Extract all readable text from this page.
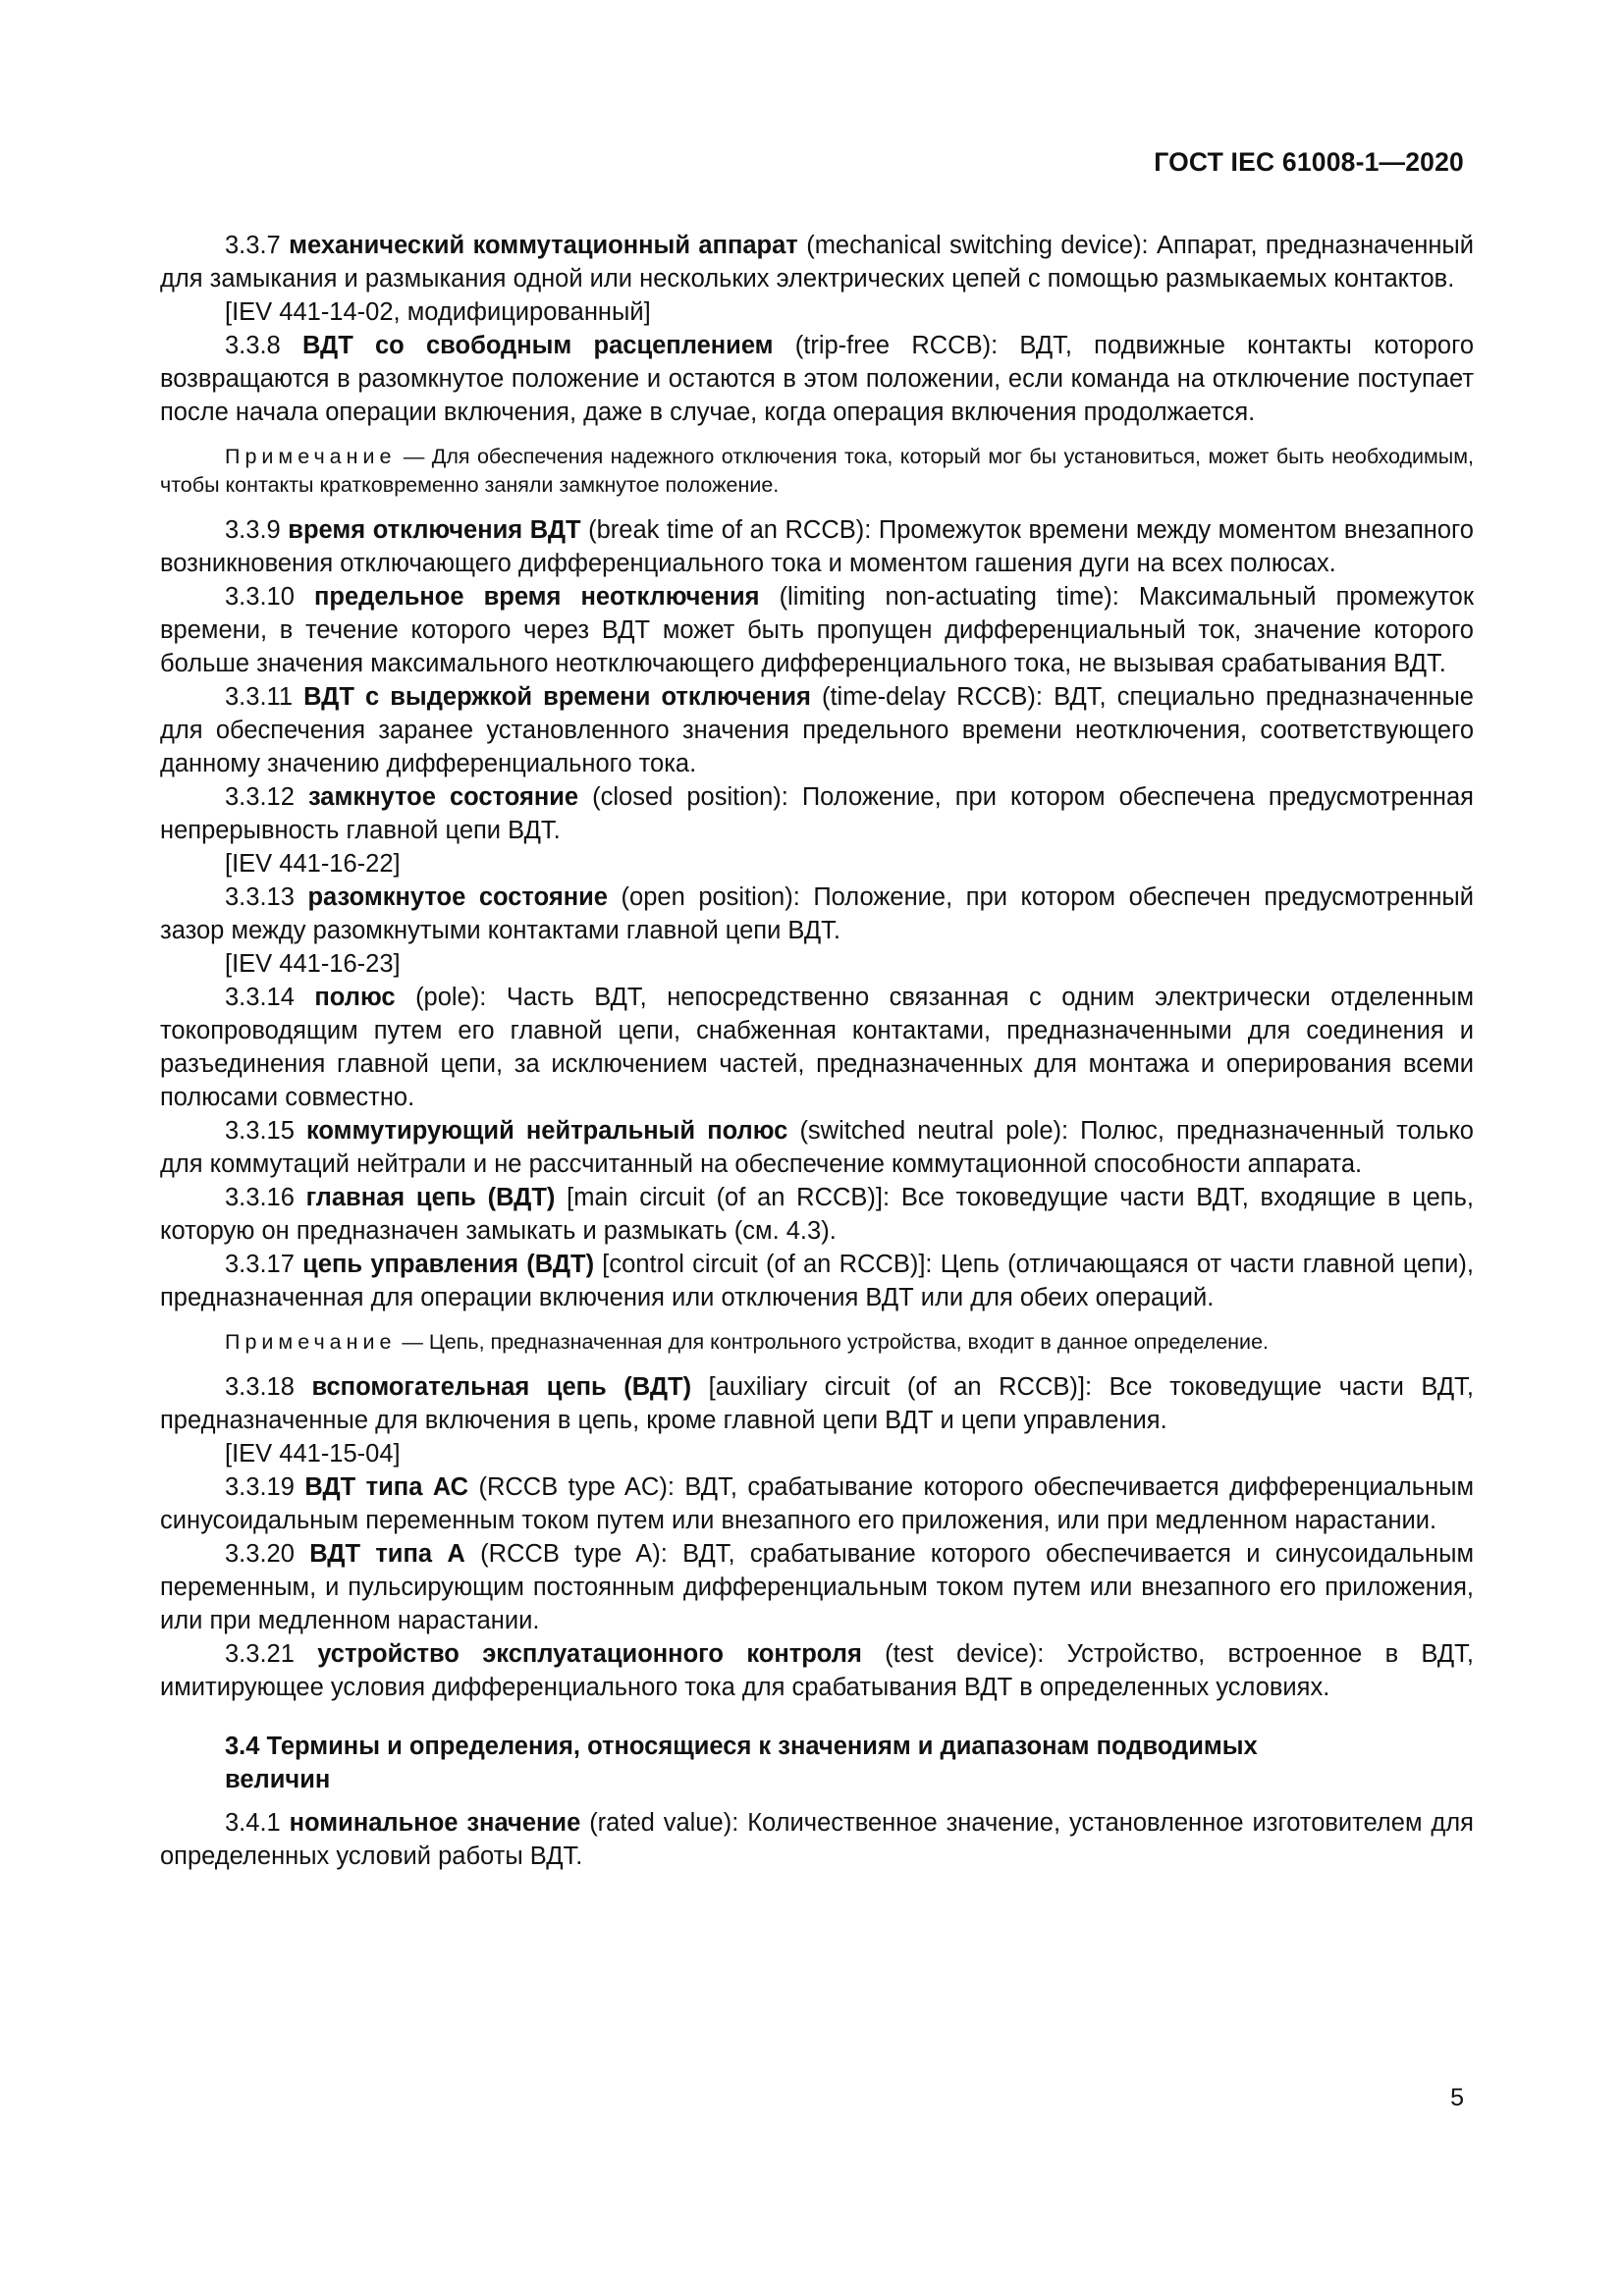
ГОСТ IEC 61008-1—2020

3.3.7 механический коммутационный аппарат (mechanical switching device): Аппарат, предназначенный для замыкания и размыкания одной или нескольких электрических цепей с помощью размыкаемых контактов.

[IEV 441-14-02, модифицированный]

3.3.8 ВДТ со свободным расцеплением (trip-free RCCB): ВДТ, подвижные контакты которого возвращаются в разомкнутое положение и остаются в этом положении, если команда на отключение поступает после начала операции включения, даже в случае, когда операция включения продолжается.

Примечание — Для обеспечения надежного отключения тока, который мог бы установиться, может быть необходимым, чтобы контакты кратковременно заняли замкнутое положение.

3.3.9 время отключения ВДТ (break time of an RCCB): Промежуток времени между моментом внезапного возникновения отключающего дифференциального тока и моментом гашения дуги на всех полюсах.

3.3.10 предельное время неотключения (limiting non-actuating time): Максимальный промежуток времени, в течение которого через ВДТ может быть пропущен дифференциальный ток, значение которого больше значения максимального неотключающего дифференциального тока, не вызывая срабатывания ВДТ.

3.3.11 ВДТ с выдержкой времени отключения (time-delay RCCB): ВДТ, специально предназначенные для обеспечения заранее установленного значения предельного времени неотключения, соответствующего данному значению дифференциального тока.

3.3.12 замкнутое состояние (closed position): Положение, при котором обеспечена предусмотренная непрерывность главной цепи ВДТ.

[IEV 441-16-22]

3.3.13 разомкнутое состояние (open position): Положение, при котором обеспечен предусмотренный зазор между разомкнутыми контактами главной цепи ВДТ.

[IEV 441-16-23]

3.3.14 полюс (pole): Часть ВДТ, непосредственно связанная с одним электрически отделенным токопроводящим путем его главной цепи, снабженная контактами, предназначенными для соединения и разъединения главной цепи, за исключением частей, предназначенных для монтажа и оперирования всеми полюсами совместно.

3.3.15 коммутирующий нейтральный полюс (switched neutral pole): Полюс, предназначенный только для коммутаций нейтрали и не рассчитанный на обеспечение коммутационной способности аппарата.

3.3.16 главная цепь (ВДТ) [main circuit (of an RCCB)]: Все токоведущие части ВДТ, входящие в цепь, которую он предназначен замыкать и размыкать (см. 4.3).

3.3.17 цепь управления (ВДТ) [control circuit (of an RCCB)]: Цепь (отличающаяся от части главной цепи), предназначенная для операции включения или отключения ВДТ или для обеих операций.

Примечание — Цепь, предназначенная для контрольного устройства, входит в данное определение.

3.3.18 вспомогательная цепь (ВДТ) [auxiliary circuit (of an RCCB)]: Все токоведущие части ВДТ, предназначенные для включения в цепь, кроме главной цепи ВДТ и цепи управления.

[IEV 441-15-04]

3.3.19 ВДТ типа АС (RCCB type AC): ВДТ, срабатывание которого обеспечивается дифференциальным синусоидальным переменным током путем или внезапного его приложения, или при медленном нарастании.

3.3.20 ВДТ типа А (RCCB type A): ВДТ, срабатывание которого обеспечивается и синусоидальным переменным, и пульсирующим постоянным дифференциальным током путем или внезапного его приложения, или при медленном нарастании.

3.3.21 устройство эксплуатационного контроля (test device): Устройство, встроенное в ВДТ, имитирующее условия дифференциального тока для срабатывания ВДТ в определенных условиях.

3.4 Термины и определения, относящиеся к значениям и диапазонам подводимых величин

3.4.1 номинальное значение (rated value): Количественное значение, установленное изготовителем для определенных условий работы ВДТ.

5
